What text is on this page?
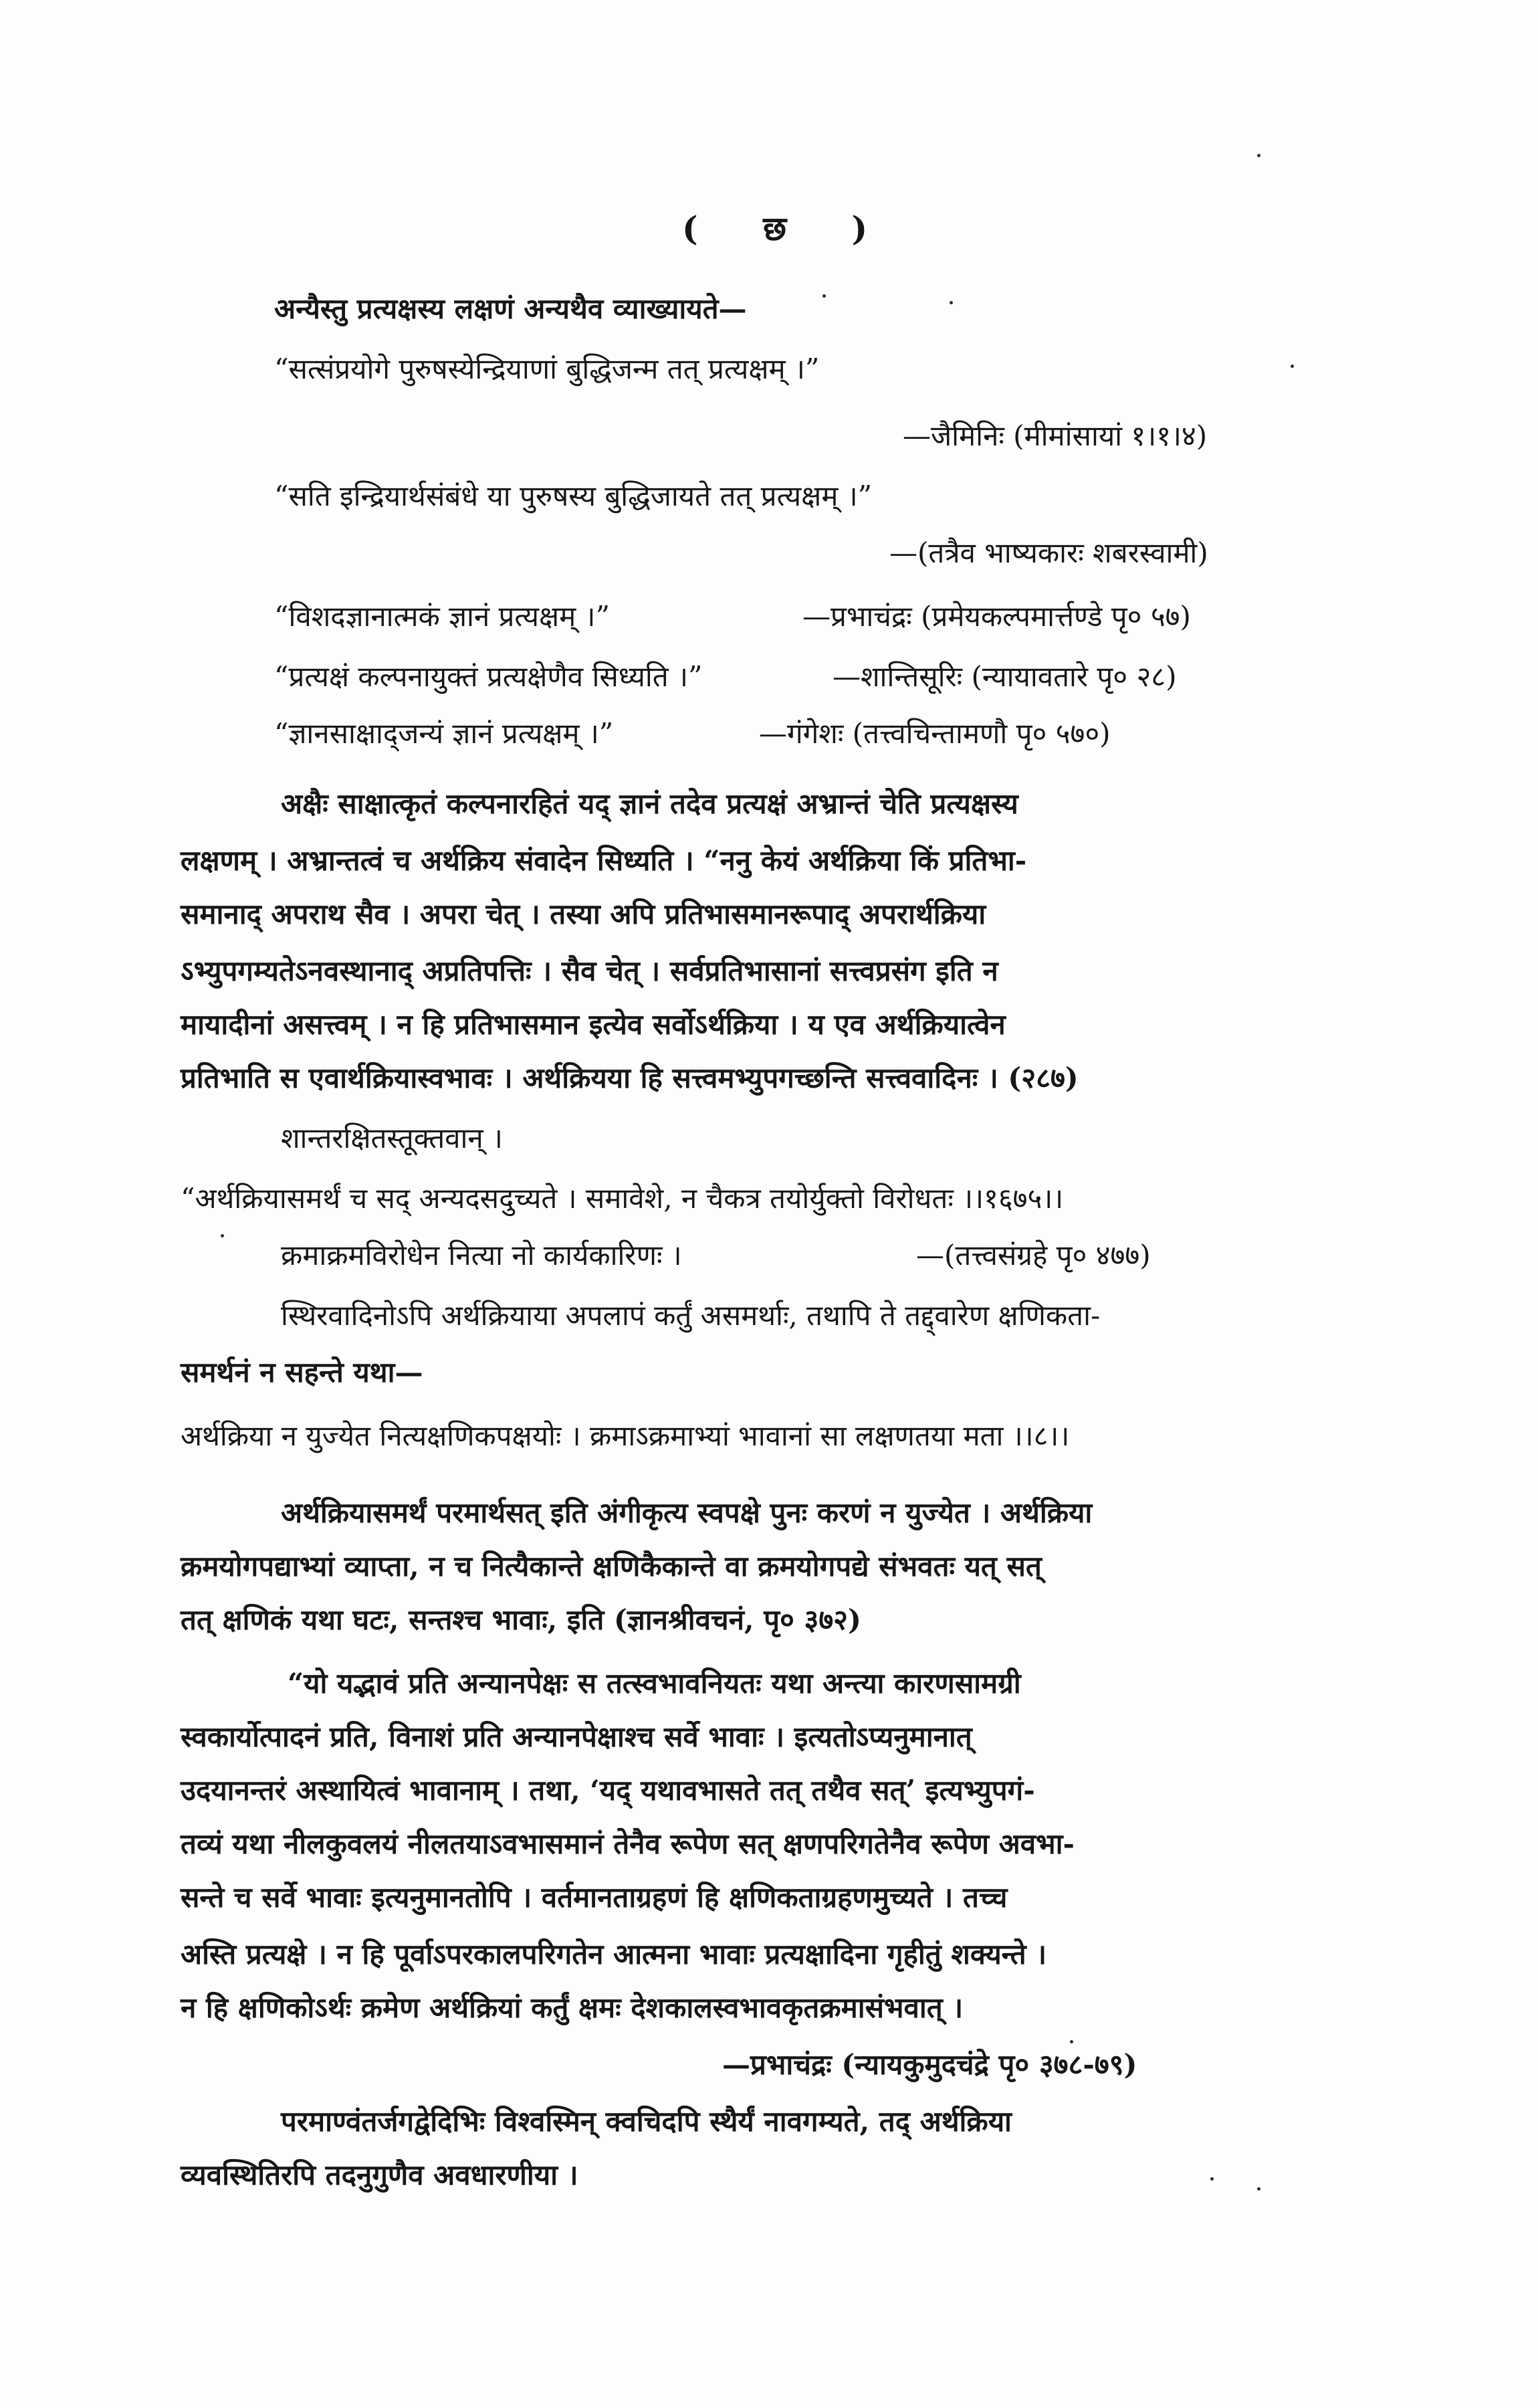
( छ )

अन्यैस्तु प्रत्यक्षस्य लक्षणं अन्यथैव व्याख्यायते—

“सत्संप्रयोगे पुरुषस्येन्द्रियाणां बुद्धिजन्म तत् प्रत्यक्षम् ।”

—जैमिनिः (मीमांसायां १।१।४)

“सति इन्द्रियार्थसंबंधे या पुरुषस्य बुद्धिजायते तत् प्रत्यक्षम् ।”

—(तत्रैव भाष्यकारः शबरस्वामी)

“विशदज्ञानात्मकं ज्ञानं प्रत्यक्षम् ।”	—प्रभाचंद्रः (प्रमेयकल्पमार्त्तण्डे पृ० ५७)

“प्रत्यक्षं कल्पनायुक्तं प्रत्यक्षेणैव सिध्यति ।”	—शान्तिसूरिः (न्यायावतारे पृ० २८)

“ज्ञानसाक्षाद्जन्यं ज्ञानं प्रत्यक्षम् ।”	—गंगेशः (तत्त्वचिन्तामणौ पृ० ५७०)

अक्षैः साक्षात्कृतं कल्पनारहितं यद् ज्ञानं तदेव प्रत्यक्षं अभ्रान्तं चेति प्रत्यक्षस्य

लक्षणम् । अभ्रान्तत्वं च अर्थक्रिय संवादेन सिध्यति । “ननु केयं अर्थक्रिया किं प्रतिभा-

समानाद् अपराथ सैव । अपरा चेत् । तस्या अपि प्रतिभासमानरूपाद् अपरार्थक्रिया

ऽभ्युपगम्यतेऽनवस्थानाद् अप्रतिपत्तिः । सैव चेत् । सर्वप्रतिभासानां सत्त्वप्रसंग इति न

मायादीनां असत्त्वम् । न हि प्रतिभासमान इत्येव सर्वोऽर्थक्रिया । य एव अर्थक्रियात्वेन

प्रतिभाति स एवार्थक्रियास्वभावः । अर्थक्रियया हि सत्त्वमभ्युपगच्छन्ति सत्त्ववादिनः । (२८७)

शान्तरक्षितस्तूक्तवान् ।

“अर्थक्रियासमर्थं च सद् अन्यदसदुच्यते । समावेशे, न चैकत्र तयोर्युक्तो विरोधतः ।।१६७५।।

क्रमाक्रमविरोधेन नित्या नो कार्यकारिणः ।	—(तत्त्वसंग्रहे पृ० ४७७)

स्थिरवादिनोऽपि अर्थक्रियाया अपलापं कर्तुं असमर्थाः, तथापि ते तद्द्वारेण क्षणिकता-

समर्थनं न सहन्ते यथा—

अर्थक्रिया न युज्येत नित्यक्षणिकपक्षयोः । क्रमाऽक्रमाभ्यां भावानां सा लक्षणतया मता ।।८।।

अर्थक्रियासमर्थं परमार्थसत् इति अंगीकृत्य स्वपक्षे पुनः करणं न युज्येत । अर्थक्रिया

क्रमयोगपद्याभ्यां व्याप्ता, न च नित्यैकान्ते क्षणिकैकान्ते वा क्रमयोगपद्ये संभवतः यत् सत्

तत् क्षणिकं यथा घटः, सन्तश्च भावाः, इति (ज्ञानश्रीवचनं, पृ० ३७२)

“यो यद्भावं प्रति अन्यानपेक्षः स तत्स्वभावनियतः यथा अन्त्या कारणसामग्री

स्वकार्योत्पादनं प्रति, विनाशं प्रति अन्यानपेक्षाश्च सर्वे भावाः । इत्यतोऽप्यनुमानात्

उदयानन्तरं अस्थायित्वं भावानाम् । तथा, ‘यद् यथावभासते तत् तथैव सत्’ इत्यभ्युपगं-

तव्यं यथा नीलकुवलयं नीलतयाऽवभासमानं तेनैव रूपेण सत् क्षणपरिगतेनैव रूपेण अवभा-

सन्ते च सर्वे भावाः इत्यनुमानतोपि । वर्तमानताग्रहणं हि क्षणिकताग्रहणमुच्यते । तच्च

अस्ति प्रत्यक्षे । न हि पूर्वाऽपरकालपरिगतेन आत्मना भावाः प्रत्यक्षादिना गृहीतुं शक्यन्ते ।

न हि क्षणिकोऽर्थः क्रमेण अर्थक्रियां कर्तुं क्षमः देशकालस्वभावकृतक्रमासंभवात् ।

—प्रभाचंद्रः (न्यायकुमुदचंद्रे पृ० ३७८-७९)

परमाण्वंतर्जगद्वेदिभिः विश्वस्मिन् क्वचिदपि स्थैर्यं नावगम्यते, तद् अर्थक्रिया

व्यवस्थितिरपि तदनुगुणैव अवधारणीया ।
